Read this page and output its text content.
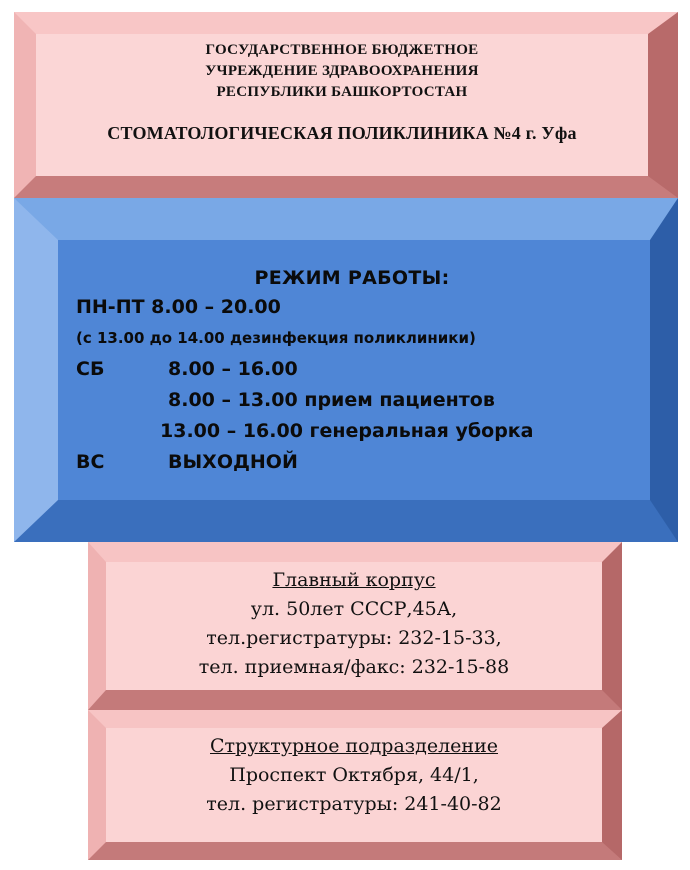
ГОСУДАРСТВЕННОЕ БЮДЖЕТНОЕ
УЧРЕЖДЕНИЕ ЗДРАВООХРАНЕНИЯ
РЕСПУБЛИКИ БАШКОРТОСТАН
СТОМАТОЛОГИЧЕСКАЯ ПОЛИКЛИНИКА №4 г. Уфа
РЕЖИМ РАБОТЫ:
ПН-ПТ 8.00 – 20.00
(с 13.00 до 14.00 дезинфекция поликлиники)
СБ	8.00 – 16.00
8.00 – 13.00 прием пациентов
13.00 – 16.00 генеральная уборка
ВС	ВЫХОДНОЙ
Главный корпус
ул. 50лет СССР,45А,
тел.регистратуры: 232-15-33,
тел. приемная/факс: 232-15-88
Структурное подразделение
Проспект Октября, 44/1,
тел. регистратуры: 241-40-82
